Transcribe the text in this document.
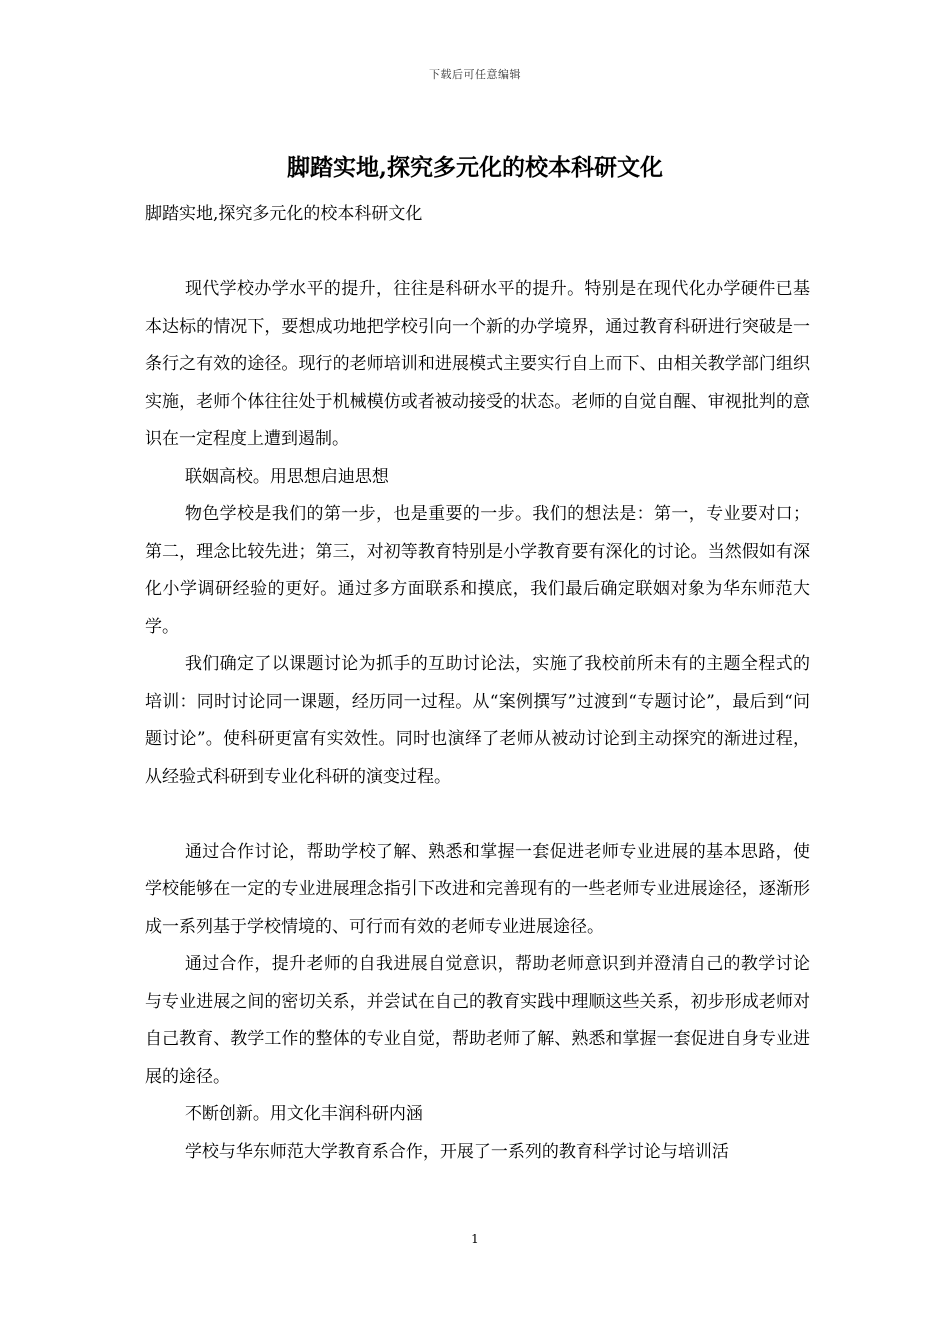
下载后可任意编辑
脚踏实地,探究多元化的校本科研文化

脚踏实地,探究多元化的校本科研文化

现代学校办学水平的提升，往往是科研水平的提升。特别是在现代化办学硬件已基本达标的情况下，要想成功地把学校引向一个新的办学境界，通过教育科研进行突破是一条行之有效的途径。现行的老师培训和进展模式主要实行自上而下、由相关教学部门组织实施，老师个体往往处于机械模仿或者被动接受的状态。老师的自觉自醒、审视批判的意识在一定程度上遭到遏制。

联姻高校。用思想启迪思想

物色学校是我们的第一步，也是重要的一步。我们的想法是：第一，专业要对口；第二，理念比较先进；第三，对初等教育特别是小学教育要有深化的讨论。当然假如有深化小学调研经验的更好。通过多方面联系和摸底，我们最后确定联姻对象为华东师范大学。

我们确定了以课题讨论为抓手的互助讨论法，实施了我校前所未有的主题全程式的培训：同时讨论同一课题，经历同一过程。从“案例撰写”过渡到“专题讨论”，最后到“问题讨论”。使科研更富有实效性。同时也演绎了老师从被动讨论到主动探究的渐进过程，从经验式科研到专业化科研的演变过程。

通过合作讨论，帮助学校了解、熟悉和掌握一套促进老师专业进展的基本思路，使学校能够在一定的专业进展理念指引下改进和完善现有的一些老师专业进展途径，逐渐形成一系列基于学校情境的、可行而有效的老师专业进展途径。

通过合作，提升老师的自我进展自觉意识，帮助老师意识到并澄清自己的教学讨论与专业进展之间的密切关系，并尝试在自己的教育实践中理顺这些关系，初步形成老师对自己教育、教学工作的整体的专业自觉，帮助老师了解、熟悉和掌握一套促进自身专业进展的途径。

不断创新。用文化丰润科研内涵

学校与华东师范大学教育系合作，开展了一系列的教育科学讨论与培训活

1
